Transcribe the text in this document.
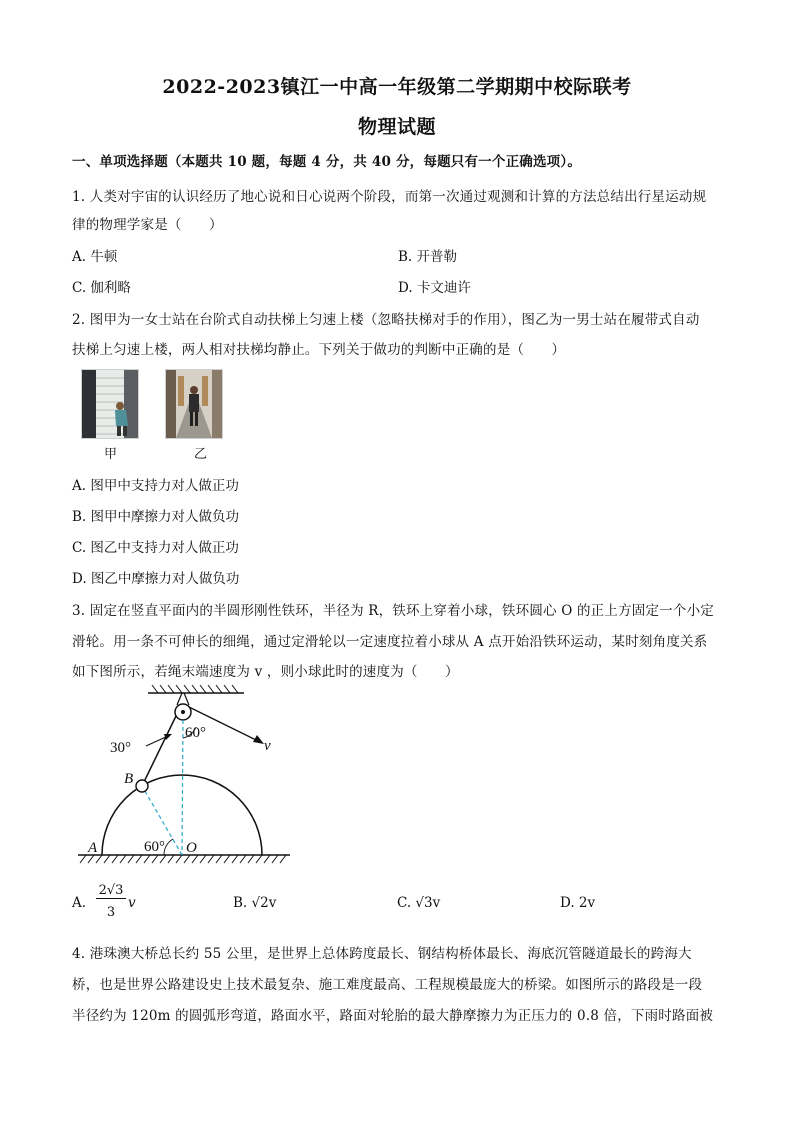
2022-2023镇江一中高一年级第二学期期中校际联考
物理试题
一、单项选择题（本题共 10 题，每题 4 分，共 40 分，每题只有一个正确选项）。
1. 人类对宇宙的认识经历了地心说和日心说两个阶段，而第一次通过观测和计算的方法总结出行星运动规
律的物理学家是（　　）
A. 牛顿	B. 开普勒
C. 伽利略	D. 卡文迪许
2. 图甲为一女士站在台阶式自动扶梯上匀速上楼（忽略扶梯对手的作用），图乙为一男士站在履带式自动
扶梯上匀速上楼，两人相对扶梯均静止。下列关于做功的判断中正确的是（　　）
甲	乙
A. 图甲中支持力对人做正功
B. 图甲中摩擦力对人做负功
C. 图乙中支持力对人做正功
D. 图乙中摩擦力对人做负功
3. 固定在竖直平面内的半圆形刚性铁环，半径为 R，铁环上穿着小球，铁环圆心 O 的正上方固定一个小定
滑轮。用一条不可伸长的细绳，通过定滑轮以一定速度拉着小球从 A 点开始沿铁环运动，某时刻角度关系
如下图所示，若绳末端速度为 v ，则小球此时的速度为（　　）
60°
30°
60°
v
B
A	O
A.
2√3
3
v	B. √2v	C. √3v	D. 2v
4. 港珠澳大桥总长约 55 公里，是世界上总体跨度最长、钢结构桥体最长、海底沉管隧道最长的跨海大
桥，也是世界公路建设史上技术最复杂、施工难度最高、工程规模最庞大的桥梁。如图所示的路段是一段
半径约为 120m 的圆弧形弯道，路面水平，路面对轮胎的最大静摩擦力为正压力的 0.8 倍，下雨时路面被
